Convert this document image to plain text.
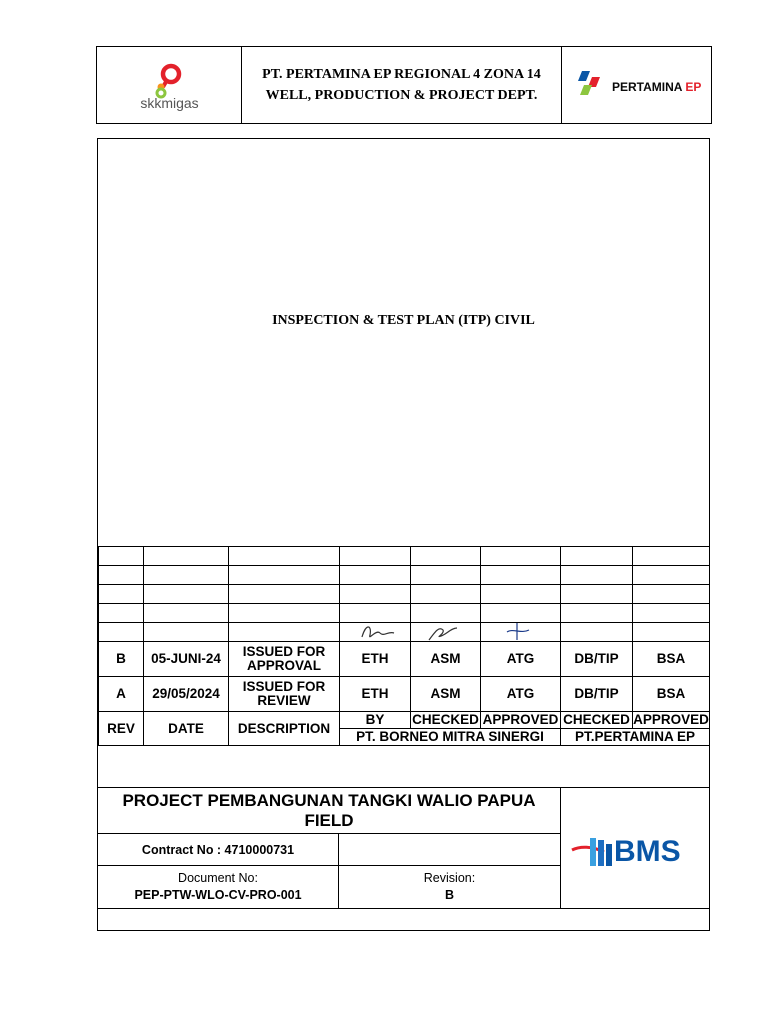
skkmigas
PT. PERTAMINA EP REGIONAL 4 ZONA 14
WELL, PRODUCTION & PROJECT DEPT.
PERTAMINA EP
INSPECTION & TEST PLAN (ITP) CIVIL

B	05-JUNI-24	ISSUED FOR APPROVAL	ETH	ASM	ATG	DB/TIP	BSA
A	29/05/2024	ISSUED FOR REVIEW	ETH	ASM	ATG	DB/TIP	BSA
REV	DATE	DESCRIPTION	BY	CHECKED	APPROVED	CHECKED	APPROVED
			PT. BORNEO MITRA SINERGI			PT.PERTAMINA EP	
PROJECT PEMBANGUNAN TANGKI WALIO PAPUA FIELD
Contract No : 4710000731
Document No:
PEP-PTW-WLO-CV-PRO-001
Revision:
B
BMS
